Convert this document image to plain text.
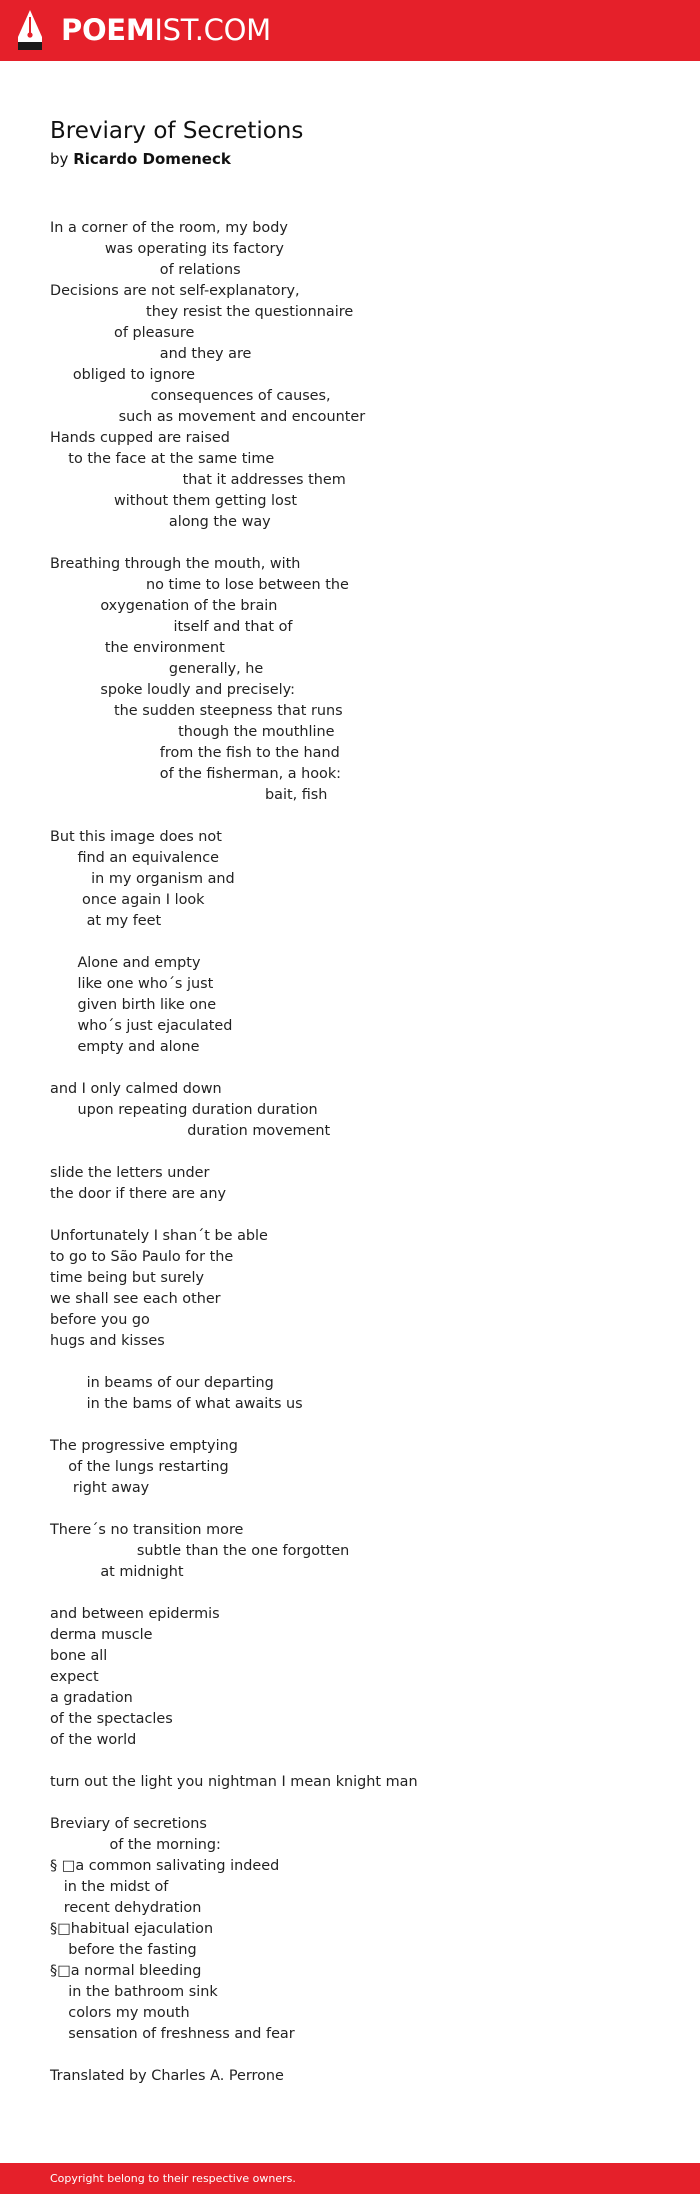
POEMIST.COM
Breviary of Secretions
by Ricardo Domeneck
In a corner of the room, my body
was operating its factory
of relations
Decisions are not self-explanatory,
they resist the questionnaire
of pleasure
and they are
obliged to ignore
consequences of causes,
such as movement and encounter
Hands cupped are raised
to the face at the same time
that it addresses them
without them getting lost
along the way
Breathing through the mouth, with
no time to lose between the
oxygenation of the brain
itself and that of
the environment
generally, he
spoke loudly and precisely:
the sudden steepness that runs
though the mouthline
from the fish to the hand
of the fisherman, a hook:
bait, fish
But this image does not
find an equivalence
in my organism and
once again I look
at my feet
Alone and empty
like one who´s just
given birth like one
who´s just ejaculated
empty and alone
and I only calmed down
upon repeating duration duration
duration movement
slide the letters under
the door if there are any
Unfortunately I shan´t be able
to go to São Paulo for the
time being but surely
we shall see each other
before you go
hugs and kisses
in beams of our departing
in the bams of what awaits us
The progressive emptying
of the lungs restarting
right away
There´s no transition more
subtle than the one forgotten
at midnight
and between epidermis
derma muscle
bone all
expect
a gradation
of the spectacles
of the world
turn out the light you nightman I mean knight man
Breviary of secretions
of the morning:
§ □a common salivating indeed
in the midst of
recent dehydration
§□habitual ejaculation
before the fasting
§□a normal bleeding
in the bathroom sink
colors my mouth
sensation of freshness and fear
Translated by Charles A. Perrone
Copyright belong to their respective owners.
